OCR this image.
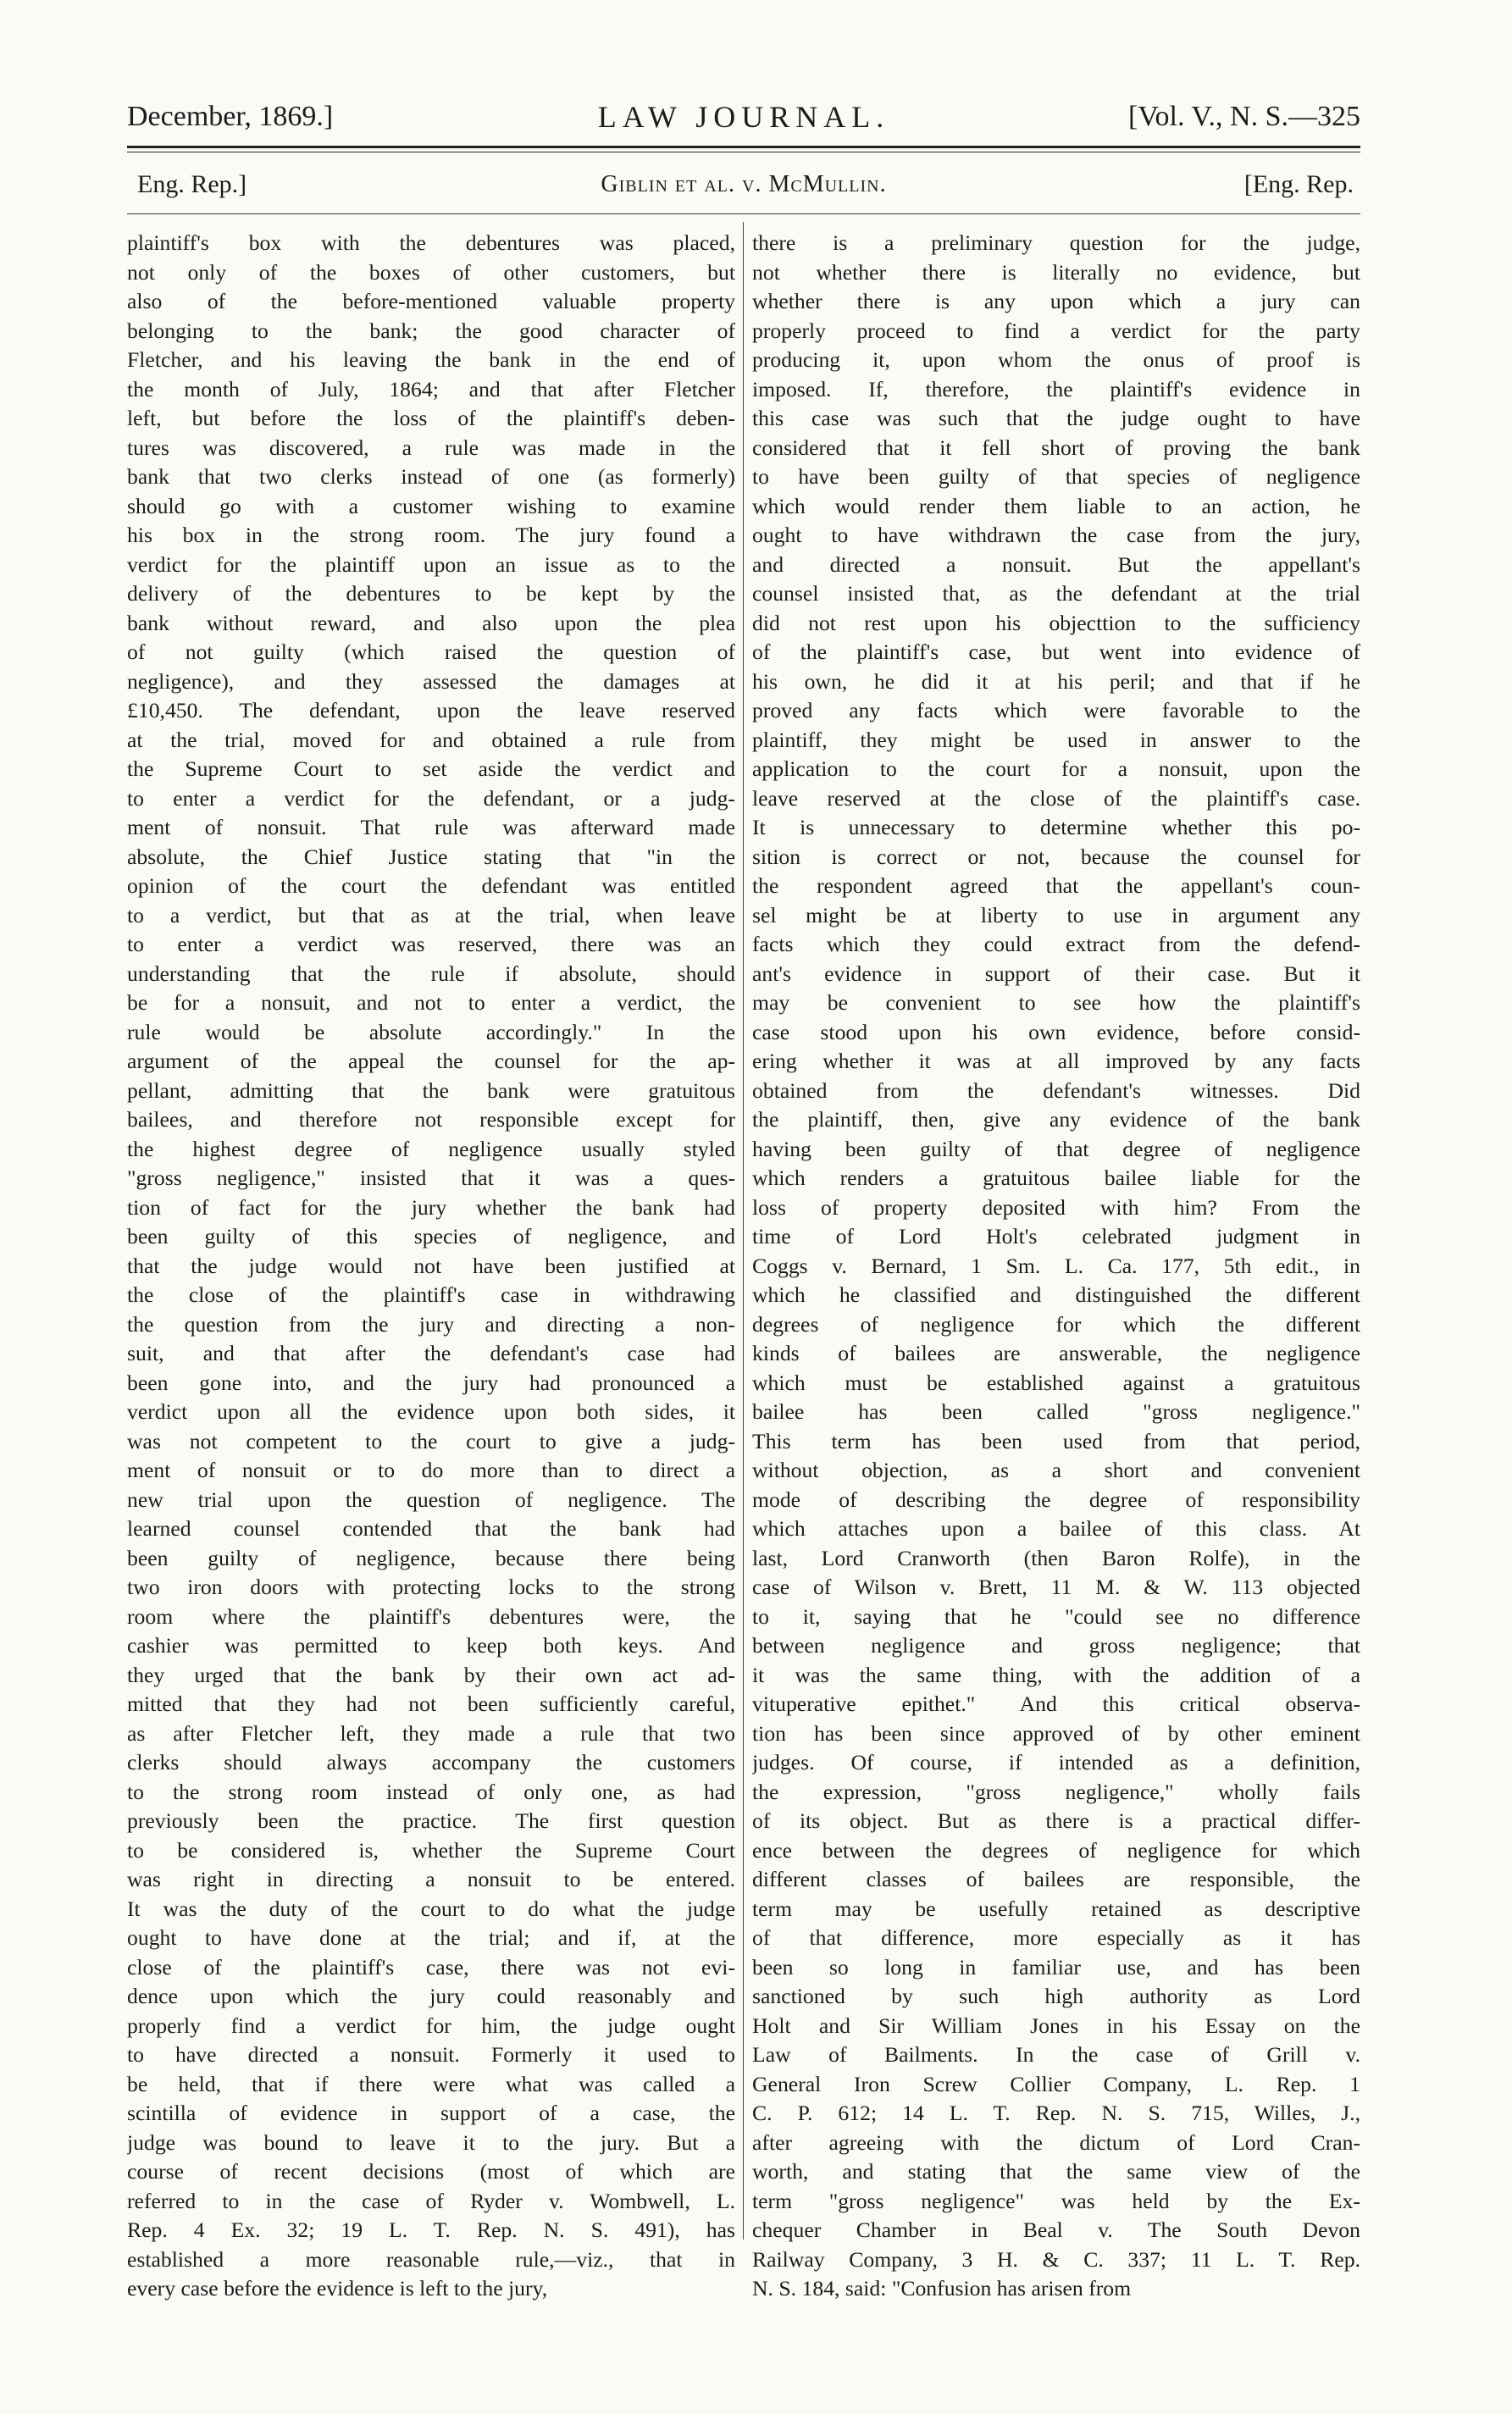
December, 1869.]	LAW JOURNAL.	[Vol. V., N. S.—325
Eng. Rep.]	Giblin et al. v. McMullin.	[Eng. Rep.
plaintiff's box with the debentures was placed,
not only of the boxes of other customers, but
also of the before-mentioned valuable property
belonging to the bank; the good character of
Fletcher, and his leaving the bank in the end of
the month of July, 1864; and that after Fletcher
left, but before the loss of the plaintiff's deben-
tures was discovered, a rule was made in the
bank that two clerks instead of one (as formerly)
should go with a customer wishing to examine
his box in the strong room. The jury found a
verdict for the plaintiff upon an issue as to the
delivery of the debentures to be kept by the
bank without reward, and also upon the plea
of not guilty (which raised the question of
negligence), and they assessed the damages at
£10,450. The defendant, upon the leave reserved
at the trial, moved for and obtained a rule from
the Supreme Court to set aside the verdict and
to enter a verdict for the defendant, or a judg-
ment of nonsuit. That rule was afterward made
absolute, the Chief Justice stating that "in the
opinion of the court the defendant was entitled
to a verdict, but that as at the trial, when leave
to enter a verdict was reserved, there was an
understanding that the rule if absolute, should
be for a nonsuit, and not to enter a verdict, the
rule would be absolute accordingly." In the
argument of the appeal the counsel for the ap-
pellant, admitting that the bank were gratuitous
bailees, and therefore not responsible except for
the highest degree of negligence usually styled
"gross negligence," insisted that it was a ques-
tion of fact for the jury whether the bank had
been guilty of this species of negligence, and
that the judge would not have been justified at
the close of the plaintiff's case in withdrawing
the question from the jury and directing a non-
suit, and that after the defendant's case had
been gone into, and the jury had pronounced a
verdict upon all the evidence upon both sides, it
was not competent to the court to give a judg-
ment of nonsuit or to do more than to direct a
new trial upon the question of negligence. The
learned counsel contended that the bank had
been guilty of negligence, because there being
two iron doors with protecting locks to the strong
room where the plaintiff's debentures were, the
cashier was permitted to keep both keys. And
they urged that the bank by their own act ad-
mitted that they had not been sufficiently careful,
as after Fletcher left, they made a rule that two
clerks should always accompany the customers
to the strong room instead of only one, as had
previously been the practice. The first question
to be considered is, whether the Supreme Court
was right in directing a nonsuit to be entered.
It was the duty of the court to do what the judge
ought to have done at the trial; and if, at the
close of the plaintiff's case, there was not evi-
dence upon which the jury could reasonably and
properly find a verdict for him, the judge ought
to have directed a nonsuit. Formerly it used to
be held, that if there were what was called a
scintilla of evidence in support of a case, the
judge was bound to leave it to the jury. But a
course of recent decisions (most of which are
referred to in the case of Ryder v. Wombwell, L.
Rep. 4 Ex. 32; 19 L. T. Rep. N. S. 491), has
established a more reasonable rule,—viz., that in
every case before the evidence is left to the jury,
there is a preliminary question for the judge,
not whether there is literally no evidence, but
whether there is any upon which a jury can
properly proceed to find a verdict for the party
producing it, upon whom the onus of proof is
imposed. If, therefore, the plaintiff's evidence in
this case was such that the judge ought to have
considered that it fell short of proving the bank
to have been guilty of that species of negligence
which would render them liable to an action, he
ought to have withdrawn the case from the jury,
and directed a nonsuit. But the appellant's
counsel insisted that, as the defendant at the trial
did not rest upon his objecttion to the sufficiency
of the plaintiff's case, but went into evidence of
his own, he did it at his peril; and that if he
proved any facts which were favorable to the
plaintiff, they might be used in answer to the
application to the court for a nonsuit, upon the
leave reserved at the close of the plaintiff's case.
It is unnecessary to determine whether this po-
sition is correct or not, because the counsel for
the respondent agreed that the appellant's coun-
sel might be at liberty to use in argument any
facts which they could extract from the defend-
ant's evidence in support of their case. But it
may be convenient to see how the plaintiff's
case stood upon his own evidence, before consid-
ering whether it was at all improved by any facts
obtained from the defendant's witnesses. Did
the plaintiff, then, give any evidence of the bank
having been guilty of that degree of negligence
which renders a gratuitous bailee liable for the
loss of property deposited with him? From the
time of Lord Holt's celebrated judgment in
Coggs v. Bernard, 1 Sm. L. Ca. 177, 5th edit., in
which he classified and distinguished the different
degrees of negligence for which the different
kinds of bailees are answerable, the negligence
which must be established against a gratuitous
bailee has been called "gross negligence."
This term has been used from that period,
without objection, as a short and convenient
mode of describing the degree of responsibility
which attaches upon a bailee of this class. At
last, Lord Cranworth (then Baron Rolfe), in the
case of Wilson v. Brett, 11 M. & W. 113 objected
to it, saying that he "could see no difference
between negligence and gross negligence; that
it was the same thing, with the addition of a
vituperative epithet." And this critical observa-
tion has been since approved of by other eminent
judges. Of course, if intended as a definition,
the expression, "gross negligence," wholly fails
of its object. But as there is a practical differ-
ence between the degrees of negligence for which
different classes of bailees are responsible, the
term may be usefully retained as descriptive
of that difference, more especially as it has
been so long in familiar use, and has been
sanctioned by such high authority as Lord
Holt and Sir William Jones in his Essay on the
Law of Bailments. In the case of Grill v.
General Iron Screw Collier Company, L. Rep. 1
C. P. 612; 14 L. T. Rep. N. S. 715, Willes, J.,
after agreeing with the dictum of Lord Cran-
worth, and stating that the same view of the
term "gross negligence" was held by the Ex-
chequer Chamber in Beal v. The South Devon
Railway Company, 3 H. & C. 337; 11 L. T. Rep.
N. S. 184, said: "Confusion has arisen from
